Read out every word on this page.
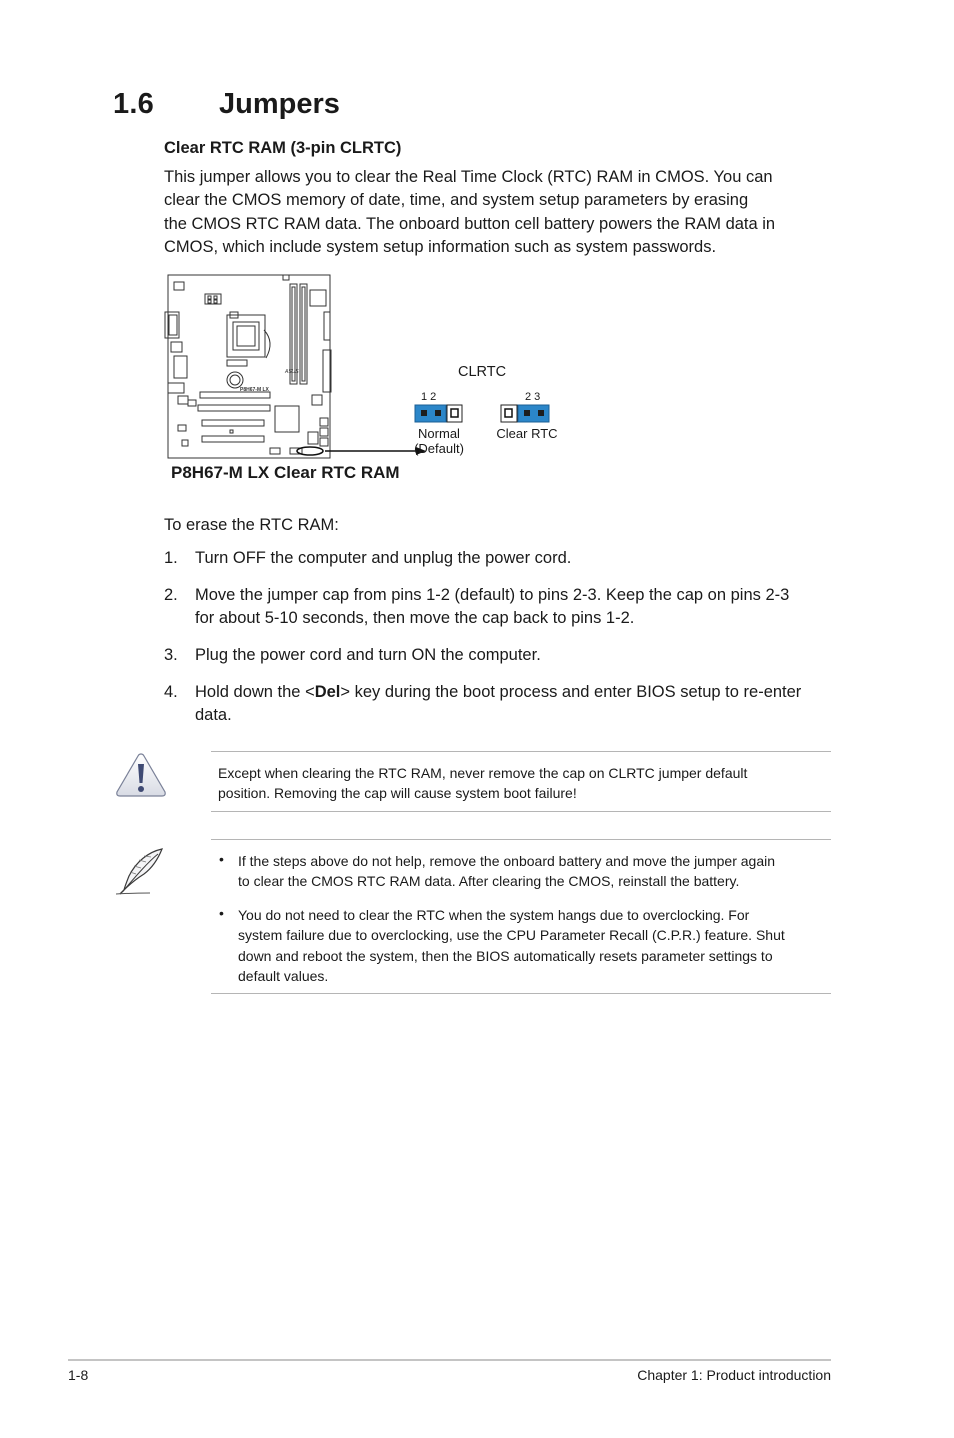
1.6 Jumpers
Clear RTC RAM (3-pin CLRTC)
This jumper allows you to clear the Real Time Clock (RTC) RAM in CMOS. You can
clear the CMOS memory of date, time, and system setup parameters by erasing
the CMOS RTC RAM data. The onboard button cell battery powers the RAM data in
CMOS, which include system setup information such as system passwords.
ASUS
P8H67-M LX
P8H67-M LX Clear RTC RAM
CLRTC
1 2
Normal
(Default)
2 3
Clear RTC
To erase the RTC RAM:
1. Turn OFF the computer and unplug the power cord.
2. Move the jumper cap from pins 1-2 (default) to pins 2-3. Keep the cap on pins 2-3
for about 5-10 seconds, then move the cap back to pins 1-2.
3. Plug the power cord and turn ON the computer.
4. Hold down the <Del> key during the boot process and enter BIOS setup to re-enter
data.
Except when clearing the RTC RAM, never remove the cap on CLRTC jumper default
position. Removing the cap will cause system boot failure!
• If the steps above do not help, remove the onboard battery and move the jumper again
to clear the CMOS RTC RAM data. After clearing the CMOS, reinstall the battery.
• You do not need to clear the RTC when the system hangs due to overclocking. For
system failure due to overclocking, use the CPU Parameter Recall (C.P.R.) feature. Shut
down and reboot the system, then the BIOS automatically resets parameter settings to
default values.
1-8	Chapter 1: Product introduction
